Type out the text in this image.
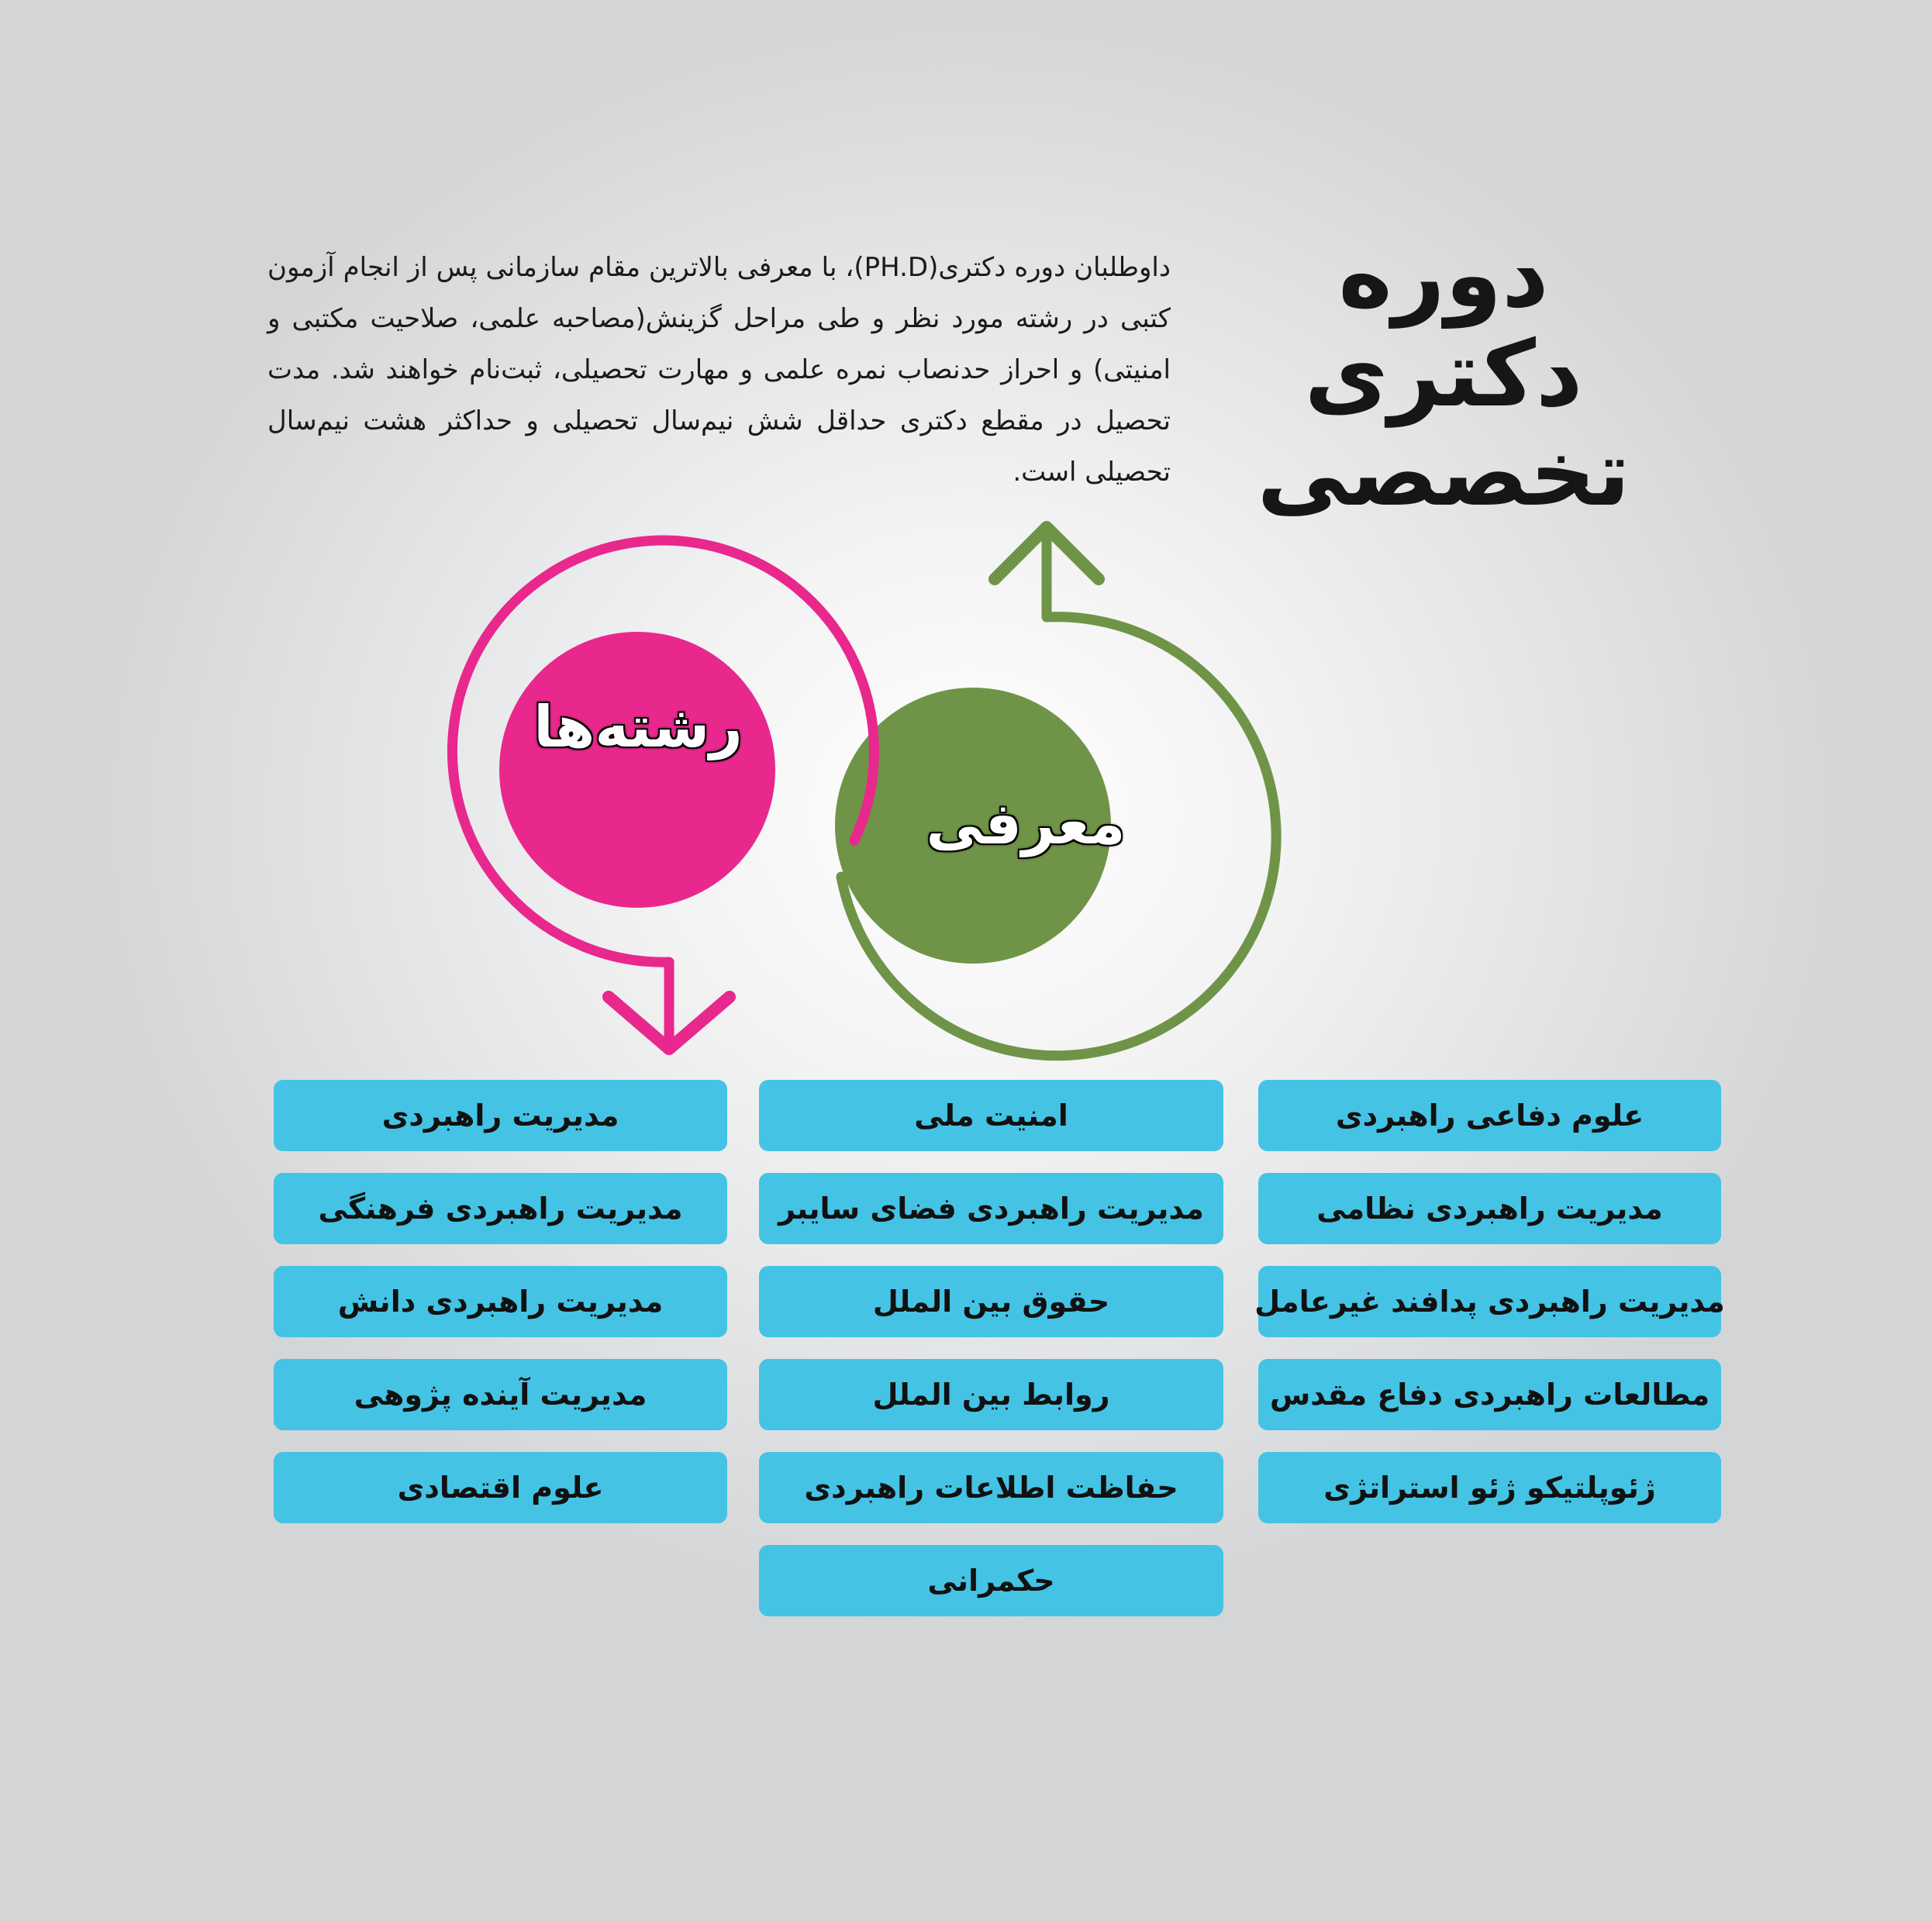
دوره
دکتری
تخصصی
داوطلبان دوره دکتری(PH.D)، با معرفی بالاترین مقام سازمانی پس از انجام آزمون کتبی در رشته مورد نظر و طی مراحل گزینش(مصاحبه علمی، صلاحیت مکتبی و امنیتی) و احراز حدنصاب نمره علمی و مهارت تحصیلی، ثبت‌نام خواهند شد. مدت تحصیل در مقطع دکتری حداقل شش نیم‌سال تحصیلی و حداکثر هشت نیم‌سال تحصیلی است.
رشته‌ها
معرفی
علوم دفاعی راهبردی
مدیریت راهبردی نظامی
مدیریت راهبردی پدافند غیرعامل
مطالعات راهبردی دفاع مقدس
ژئوپلتیکو ژئو استراتژی
امنیت ملی
مدیریت راهبردی فضای سایبر
حقوق بین الملل
روابط بین الملل
حفاظت اطلاعات راهبردی
حکمرانی
مدیریت راهبردی
مدیریت راهبردی فرهنگی
مدیریت راهبردی دانش
مدیریت آینده پژوهی
علوم اقتصادی
